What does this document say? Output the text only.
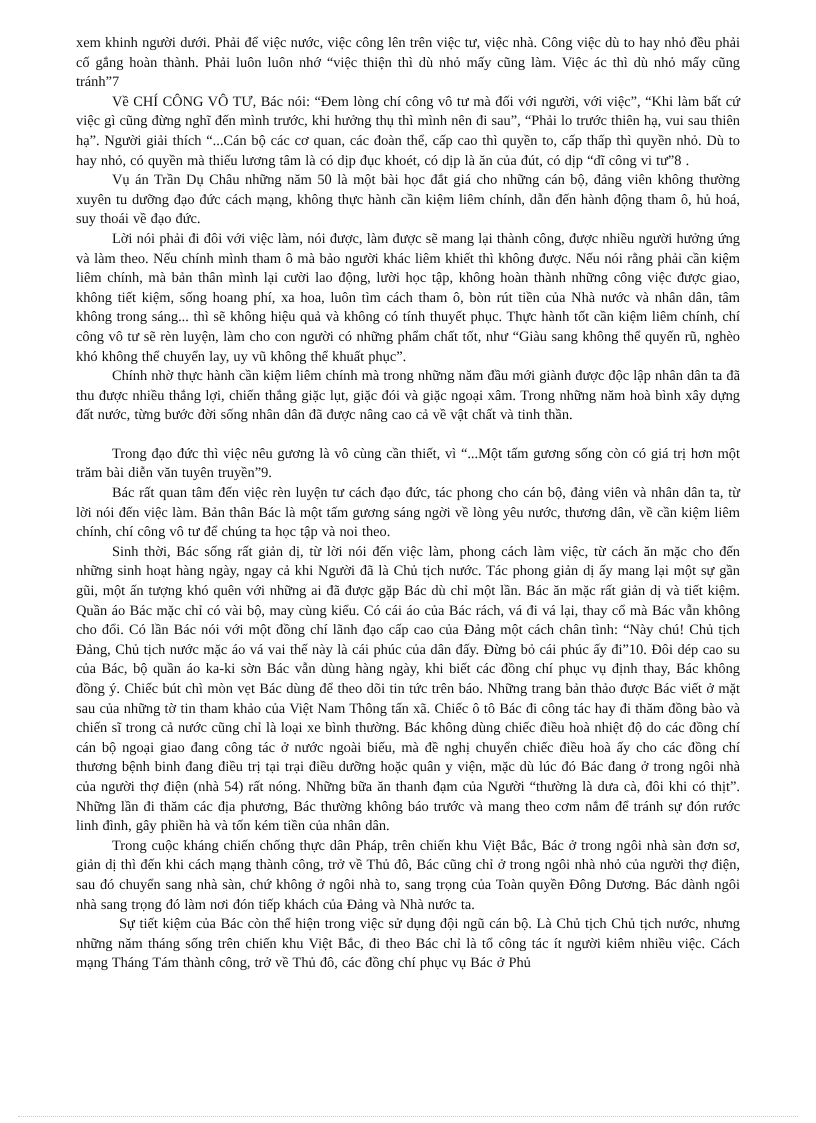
xem khinh người dưới. Phải để việc nước, việc công lên trên việc tư, việc nhà. Công việc dù to hay nhỏ đều phải cố gắng hoàn thành. Phải luôn luôn nhớ “việc thiện thì dù nhỏ mấy cũng làm. Việc ác thì dù nhỏ mấy cũng tránh”7

Về CHÍ CÔNG VÔ TƯ, Bác nói: “Đem lòng chí công vô tư mà đối với người, với việc”, “Khi làm bất cứ việc gì cũng đừng nghĩ đến mình trước, khi hưởng thụ thì mình nên đi sau”, “Phải lo trước thiên hạ, vui sau thiên hạ”. Người giải thích “...Cán bộ các cơ quan, các đoàn thể, cấp cao thì quyền to, cấp thấp thì quyền nhỏ. Dù to hay nhỏ, có quyền mà thiếu lương tâm là có dịp đục khoét, có dịp là ăn của đút, có dịp “dĩ công vi tư”8 .

Vụ án Trần Dụ Châu những năm 50 là một bài học đắt giá cho những cán bộ, đảng viên không thường xuyên tu dưỡng đạo đức cách mạng, không thực hành cần kiệm liêm chính, dẫn đến hành động tham ô, hủ hoá, suy thoái về đạo đức.

Lời nói phải đi đôi với việc làm, nói được, làm được sẽ mang lại thành công, được nhiều người hưởng ứng và làm theo. Nếu chính mình tham ô mà bảo người khác liêm khiết thì không được. Nếu nói rằng phải cần kiệm liêm chính, mà bản thân mình lại cười lao động, lười học tập, không hoàn thành những công việc được giao, không tiết kiệm, sống hoang phí, xa hoa, luôn tìm cách tham ô, bòn rút tiền của Nhà nước và nhân dân, tâm không trong sáng... thì sẽ không hiệu quả và không có tính thuyết phục. Thực hành tốt cần kiệm liêm chính, chí công vô tư sẽ rèn luyện, làm cho con người có những phẩm chất tốt, như “Giàu sang không thể quyến rũ, nghèo khó không thể chuyển lay, uy vũ không thể khuất phục”.

Chính nhờ thực hành cần kiệm liêm chính mà trong những năm đầu mới giành được độc lập nhân dân ta đã thu được nhiều thắng lợi, chiến thắng giặc lụt, giặc đói và giặc ngoại xâm. Trong những năm hoà bình xây dựng đất nước, từng bước đời sống nhân dân đã được nâng cao cả về vật chất và tinh thần.

Trong đạo đức thì việc nêu gương là vô cùng cần thiết, vì “...Một tấm gương sống còn có giá trị hơn một trăm bài diễn văn tuyên truyền”9.

Bác rất quan tâm đến việc rèn luyện tư cách đạo đức, tác phong cho cán bộ, đảng viên và nhân dân ta, từ lời nói đến việc làm. Bản thân Bác là một tấm gương sáng ngời về lòng yêu nước, thương dân, về cần kiệm liêm chính, chí công vô tư để chúng ta học tập và noi theo.

Sinh thời, Bác sống rất giản dị, từ lời nói đến việc làm, phong cách làm việc, từ cách ăn mặc cho đến những sinh hoạt hàng ngày, ngay cả khi Người đã là Chủ tịch nước. Tác phong giản dị ấy mang lại một sự gần gũi, một ấn tượng khó quên với những ai đã được gặp Bác dù chỉ một lần. Bác ăn mặc rất giản dị và tiết kiệm. Quần áo Bác mặc chỉ có vài bộ, may cùng kiểu. Có cái áo của Bác rách, vá đi vá lại, thay cổ mà Bác vẫn không cho đổi. Có lần Bác nói với một đồng chí lãnh đạo cấp cao của Đảng một cách chân tình: “Này chú! Chủ tịch Đảng, Chủ tịch nước mặc áo vá vai thế này là cái phúc của dân đấy. Đừng bỏ cái phúc ấy đi”10. Đôi dép cao su của Bác, bộ quần áo ka-ki sờn Bác vẫn dùng hàng ngày, khi biết các đồng chí phục vụ định thay, Bác không đồng ý. Chiếc bút chì mòn vẹt Bác dùng để theo dõi tin tức trên báo. Những trang bản thảo được Bác viết ở mặt sau của những tờ tin tham khảo của Việt Nam Thông tấn xã. Chiếc ô tô Bác đi công tác hay đi thăm đồng bào và chiến sĩ trong cả nước cũng chỉ là loại xe bình thường. Bác không dùng chiếc điều hoà nhiệt độ do các đồng chí cán bộ ngoại giao đang công tác ở nước ngoài biếu, mà đề nghị chuyển chiếc điều hoà ấy cho các đồng chí thương bệnh binh đang điều trị tại trại điều dưỡng hoặc quân y viện, mặc dù lúc đó Bác đang ở trong ngôi nhà của người thợ điện (nhà 54) rất nóng. Những bữa ăn thanh đạm của Người “thường là dưa cà, đôi khi có thịt”. Những lần đi thăm các địa phương, Bác thường không báo trước và mang theo cơm nắm để tránh sự đón rước linh đình, gây phiền hà và tốn kém tiền của nhân dân.

Trong cuộc kháng chiến chống thực dân Pháp, trên chiến khu Việt Bắc, Bác ở trong ngôi nhà sàn đơn sơ, giản dị thì đến khi cách mạng thành công, trở về Thủ đô, Bác cũng chỉ ở trong ngôi nhà nhỏ của người thợ điện, sau đó chuyển sang nhà sàn, chứ không ở ngôi nhà to, sang trọng của Toàn quyền Đông Dương. Bác dành ngôi nhà sang trọng đó làm nơi đón tiếp khách của Đảng và Nhà nước ta.

Sự tiết kiệm của Bác còn thể hiện trong việc sử dụng đội ngũ cán bộ. Là Chủ tịch Chủ tịch nước, nhưng những năm tháng sống trên chiến khu Việt Bắc, đi theo Bác chỉ là tổ công tác ít người kiêm nhiều việc. Cách mạng Tháng Tám thành công, trở về Thủ đô, các đồng chí phục vụ Bác ở Phủ
